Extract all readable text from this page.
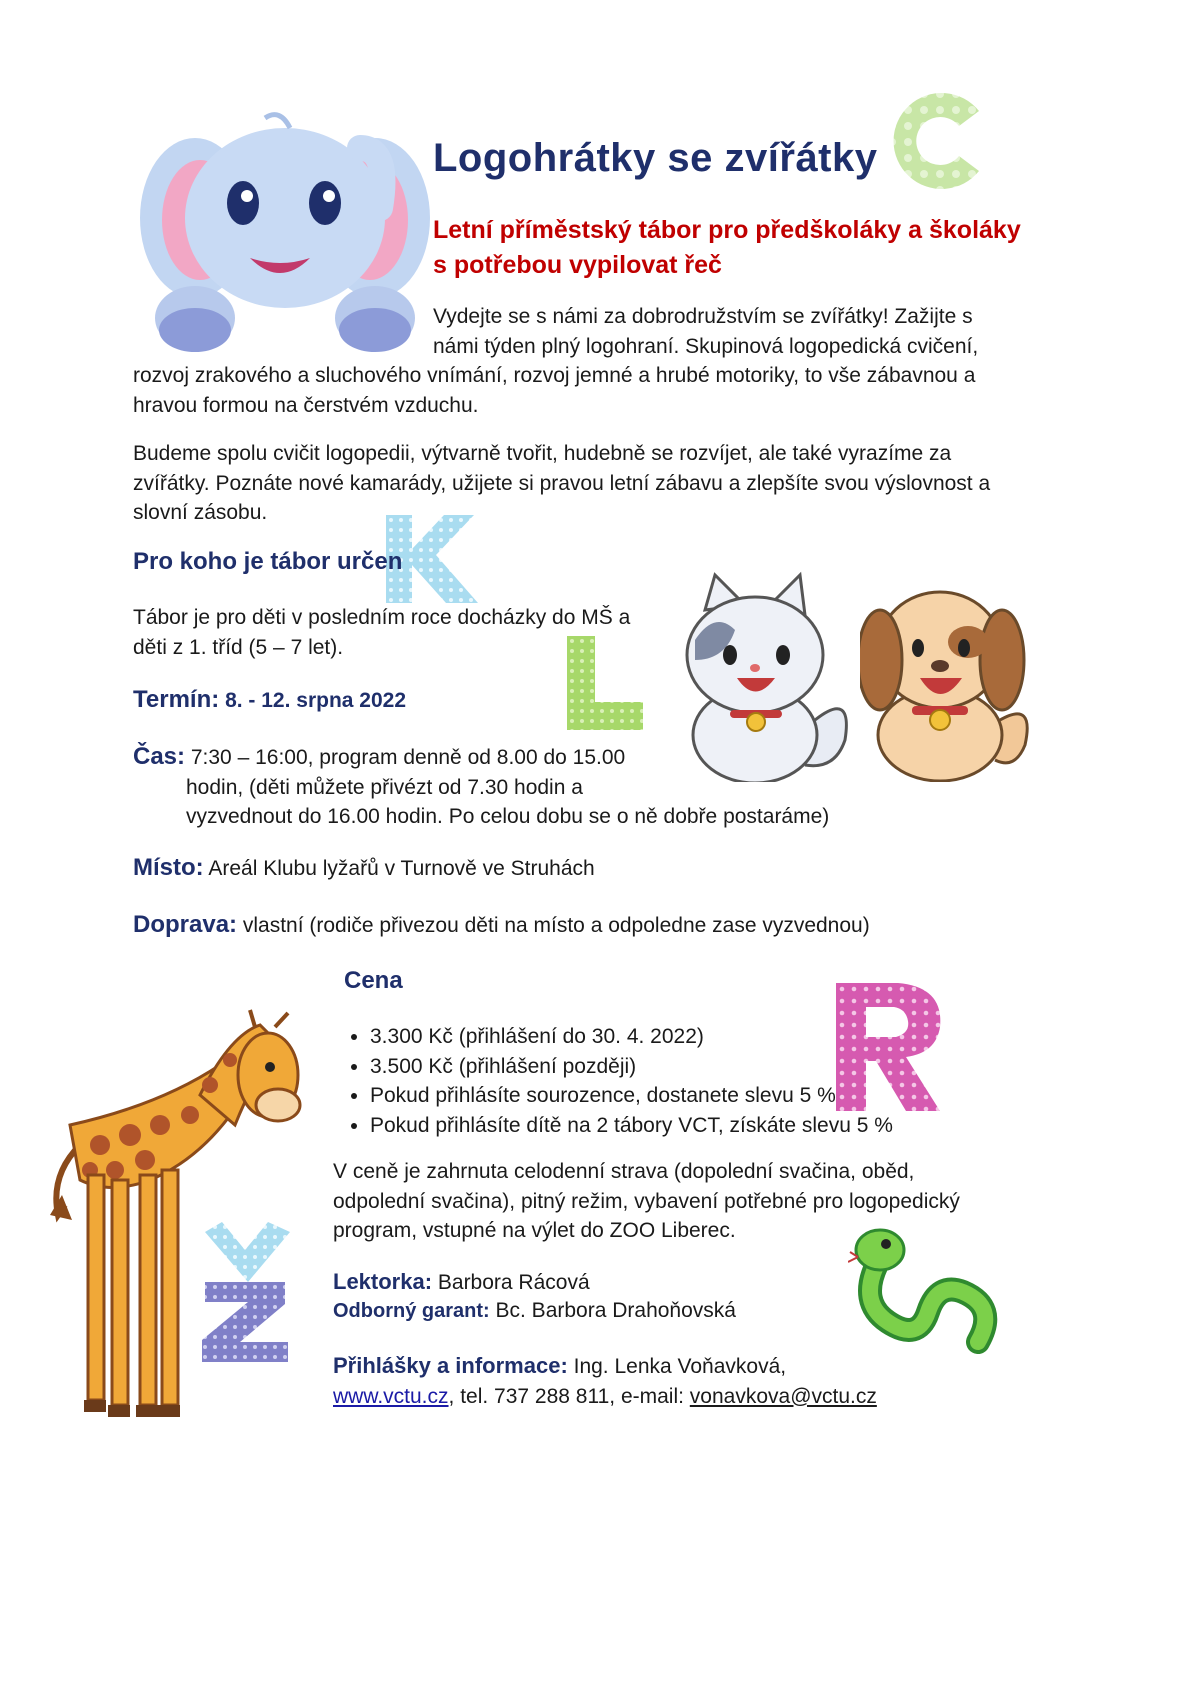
Logohrátky se zvířátky
Letní příměstský tábor pro předškoláky a školáky
s potřebou vypilovat řeč
Vydejte se s námi za dobrodružstvím se zvířátky! Zažijte s
námi týden plný logohraní. Skupinová logopedická cvičení,
rozvoj zrakového a sluchového vnímání, rozvoj jemné a hrubé motoriky, to vše zábavnou a
hravou formou na čerstvém vzduchu.
Budeme spolu cvičit logopedii, výtvarně tvořit, hudebně se rozvíjet, ale také vyrazíme za
zvířátky. Poznáte nové kamarády, užijete si pravou letní zábavu a zlepšíte svou výslovnost a
slovní zásobu.
Pro koho je tábor určen
Tábor je pro děti v posledním roce docházky do MŠ a
děti z 1. tříd (5 – 7 let).
Termín: 8. - 12. srpna 2022
Čas: 7:30 – 16:00, program denně od 8.00 do 15.00
hodin, (děti můžete přivézt od 7.30 hodin a
vyzvednout do 16.00 hodin. Po celou dobu se o ně dobře postaráme)
Místo: Areál Klubu lyžařů v Turnově ve Struhách
Doprava: vlastní (rodiče přivezou děti na místo a odpoledne zase vyzvednou)
Cena
• 3.300 Kč (přihlášení do 30. 4. 2022)
• 3.500 Kč (přihlášení později)
• Pokud přihlásíte sourozence, dostanete slevu 5 %
• Pokud přihlásíte dítě na 2 tábory VCT, získáte slevu 5 %
V ceně je zahrnuta celodenní strava (dopolední svačina, oběd,
odpolední svačina), pitný režim, vybavení potřebné pro logopedický
program, vstupné na výlet do ZOO Liberec.
Lektorka: Barbora Rácová
Odborný garant: Bc. Barbora Drahoňovská
Přihlášky a informace: Ing. Lenka Voňavková,
www.vctu.cz, tel. 737 288 811, e-mail: vonavkova@vctu.cz
